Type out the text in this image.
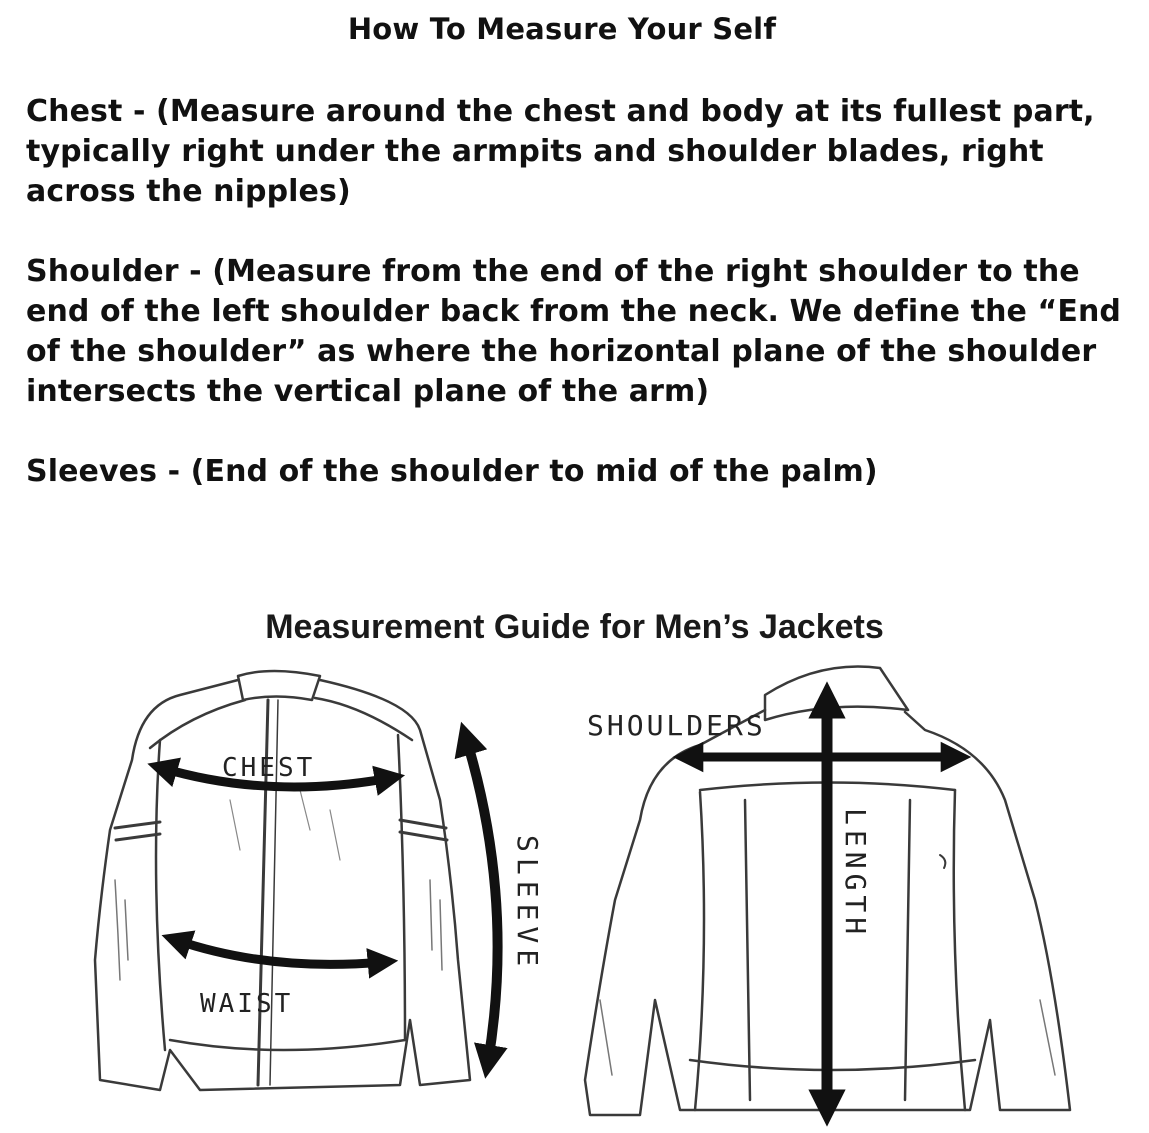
How To Measure Your Self
Chest - (Measure around the chest and body at its fullest part, typically right under the armpits and shoulder blades, right across the nipples)
Shoulder - (Measure from the end of the right shoulder to the end of the left shoulder back from the neck. We define the “End of the shoulder” as where the horizontal plane of the shoulder intersects the vertical plane of the arm)
Sleeves - (End of the shoulder to mid of the palm)
Measurement Guide for Men’s Jackets
CHEST
WAIST
SLEEVE
SHOULDERS
LENGTH
